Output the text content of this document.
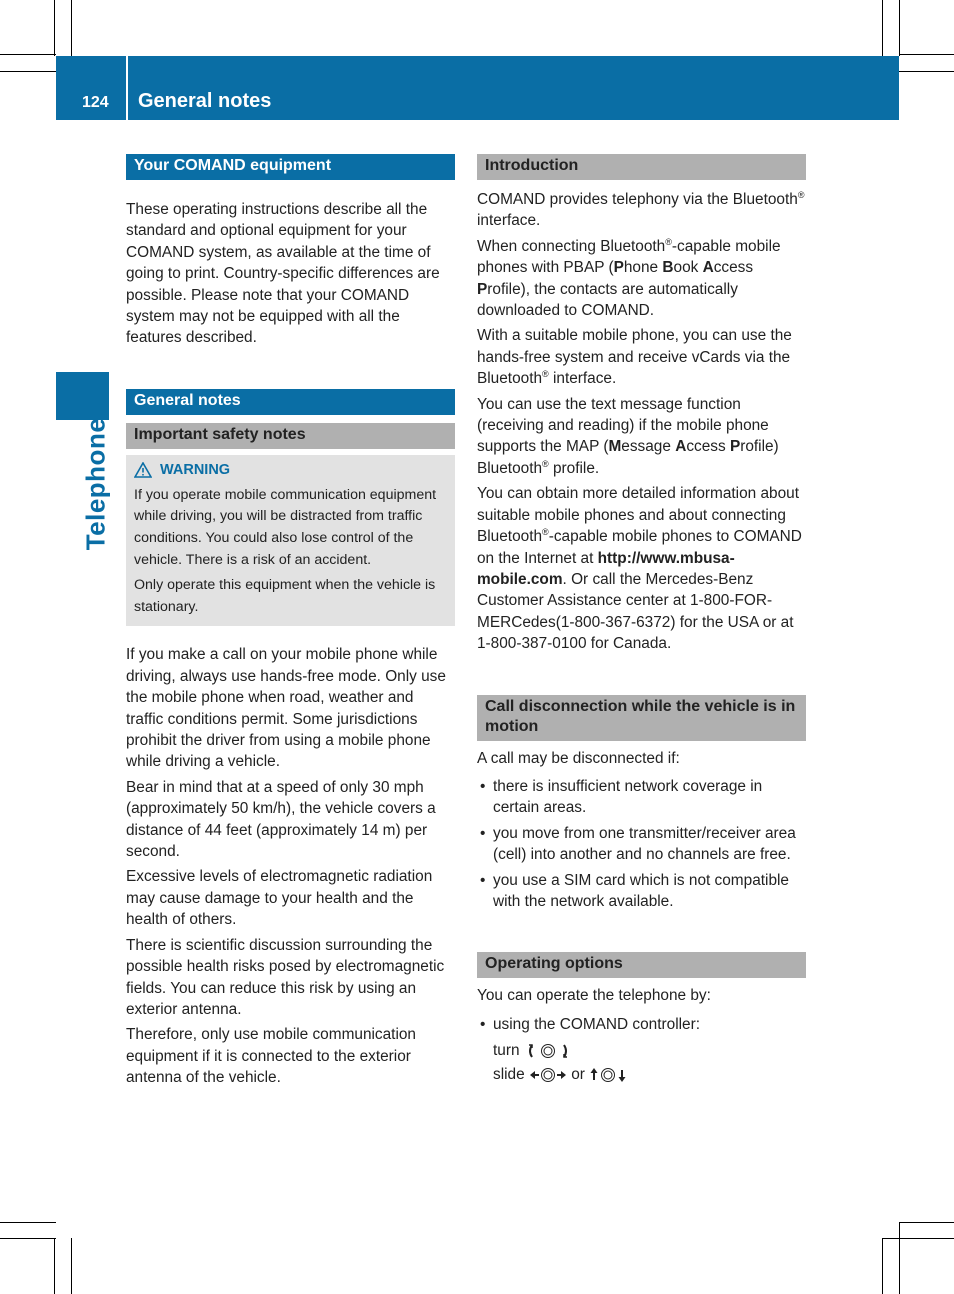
124 General notes
Telephone
Your COMAND equipment

These operating instructions describe all the standard and optional equipment for your COMAND system, as available at the time of going to print. Country-specific differences are possible. Please note that your COMAND system may not be equipped with all the features described.

General notes
Important safety notes
WARNING

If you operate mobile communication equipment while driving, you will be distracted from traffic conditions. You could also lose control of the vehicle. There is a risk of an accident.

Only operate this equipment when the vehicle is stationary.

If you make a call on your mobile phone while driving, always use hands-free mode. Only use the mobile phone when road, weather and traffic conditions permit. Some jurisdictions prohibit the driver from using a mobile phone while driving a vehicle.

Bear in mind that at a speed of only 30 mph (approximately 50 km/h), the vehicle covers a distance of 44 feet (approximately 14 m) per second.

Excessive levels of electromagnetic radiation may cause damage to your health and the health of others.

There is scientific discussion surrounding the possible health risks posed by electromagnetic fields. You can reduce this risk by using an exterior antenna.

Therefore, only use mobile communication equipment if it is connected to the exterior antenna of the vehicle.

Introduction

COMAND provides telephony via the Bluetooth® interface.

When connecting Bluetooth®-capable mobile phones with PBAP (Phone Book Access Profile), the contacts are automatically downloaded to COMAND.

With a suitable mobile phone, you can use the hands-free system and receive vCards via the Bluetooth® interface.

You can use the text message function (receiving and reading) if the mobile phone supports the MAP (Message Access Profile) Bluetooth® profile.

You can obtain more detailed information about suitable mobile phones and about connecting Bluetooth®-capable mobile phones to COMAND on the Internet at http://www.mbusa-mobile.com. Or call the Mercedes-Benz Customer Assistance center at 1-800-FOR-MERCedes(1-800-367-6372) for the USA or at 1-800-387-0100 for Canada.

Call disconnection while the vehicle is in motion

A call may be disconnected if:

• there is insufficient network coverage in certain areas.
• you move from one transmitter/receiver area (cell) into another and no channels are free.
• you use a SIM card which is not compatible with the network available.
Operating options

You can operate the telephone by:

• using the COMAND controller:
turn
slide	or
